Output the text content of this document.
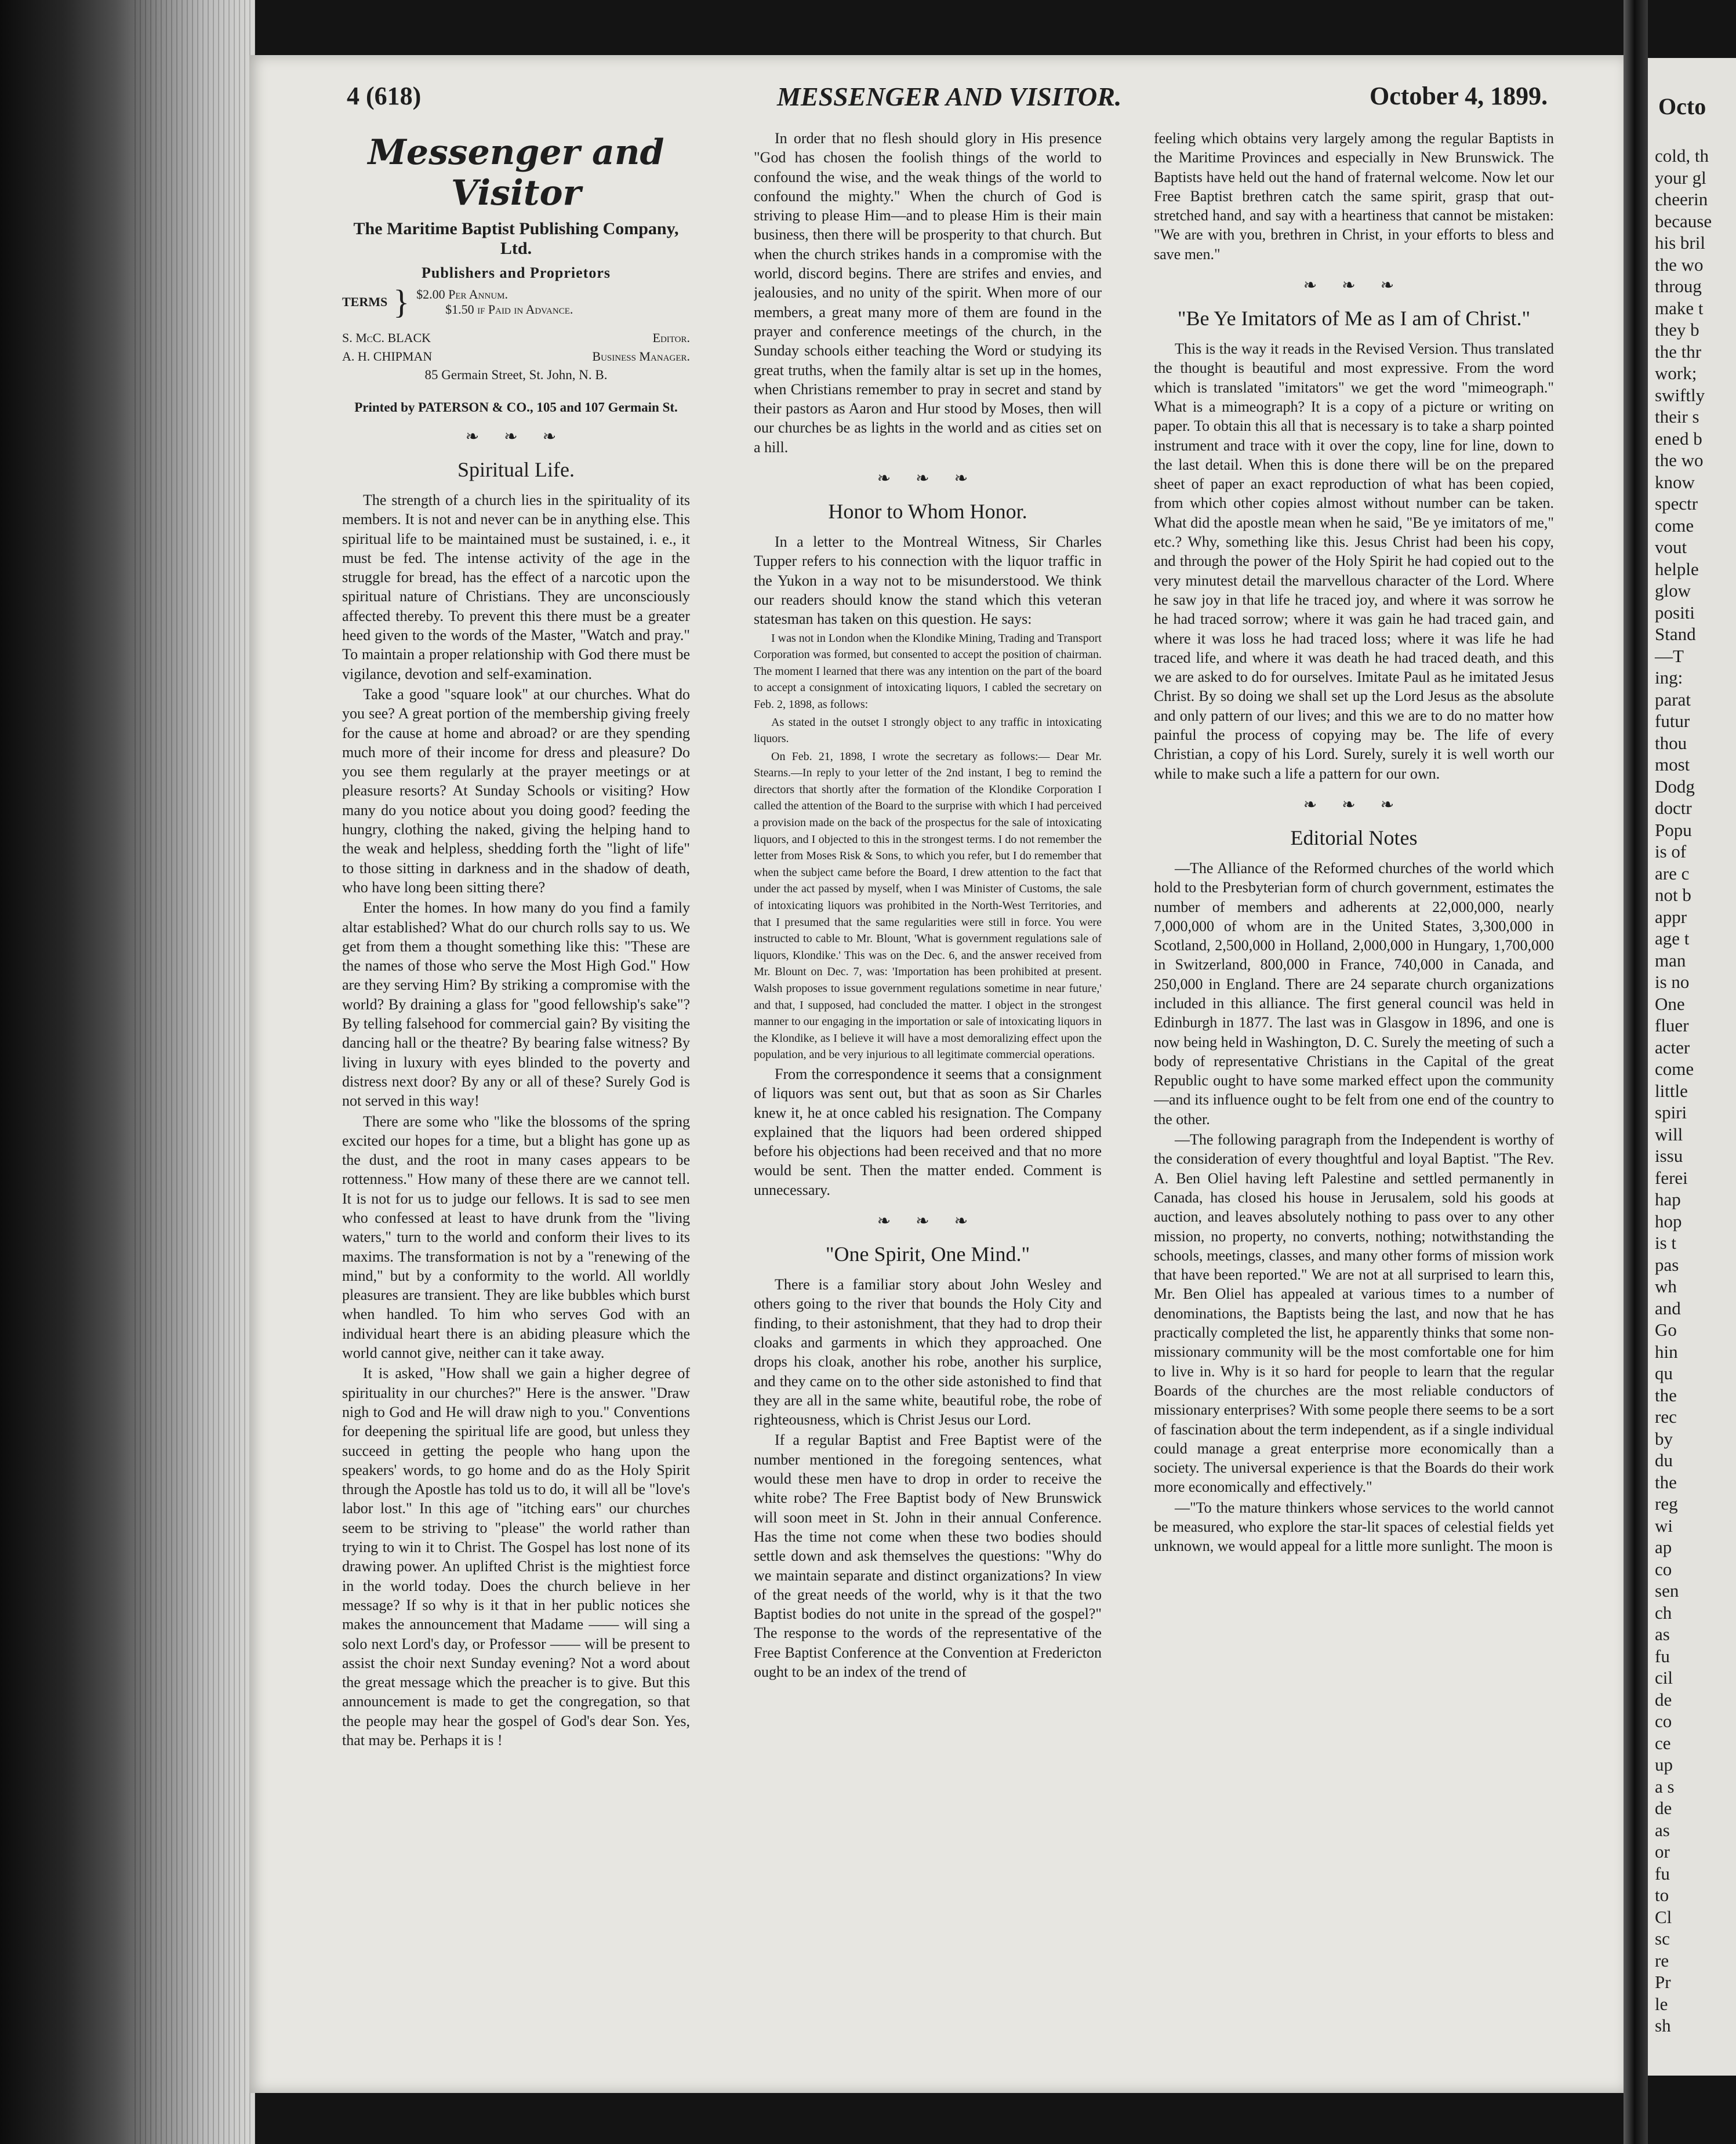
Octo
cold, th
your gl
cheerin
because
his bril
the wo
throug
make t
they b
the thr
work;
swiftly
their s
ened b
the wo
know
spectr
come
vout
helple
glow
positi
Stand
—T
ing:
parat
futur
thou
most
Dodg
doctr
Popu
is of
are c
not b
appr
age t
man
is no
One
fluer
acter
come
little
spiri
will
issu
ferei
hap
hop
is t
pas
wh
and
Go
hin
qu
the
rec
by
du
the
reg
wi
ap
co
sen
ch
as
fu
cil
de
co
ce
up
a s
de
as
or
fu
to
Cl
sc
re
Pr
le
sh
4 (618)	MESSENGER AND VISITOR.	October 4, 1899.
Messenger and Visitor
The Maritime Baptist Publishing Company, Ltd.
Publishers and Proprietors
TERMS } $2.00 Per Annum.
$1.50 if Paid in Advance.
S. McC. BLACK	Editor.
A. H. CHIPMAN	Business Manager.
85 Germain Street, St. John, N. B.
Printed by PATERSON & CO., 105 and 107 Germain St.
❧ ❧ ❧
Spiritual Life.

The strength of a church lies in the spirituality of its members. It is not and never can be in anything else. This spiritual life to be maintained must be sustained, i. e., it must be fed. The intense activity of the age in the struggle for bread, has the effect of a narcotic upon the spiritual nature of Christians. They are unconsciously affected thereby. To prevent this there must be a greater heed given to the words of the Master, "Watch and pray." To maintain a proper relationship with God there must be vigilance, devotion and self-examination.

Take a good "square look" at our churches. What do you see? A great portion of the membership giving freely for the cause at home and abroad? or are they spending much more of their income for dress and pleasure? Do you see them regularly at the prayer meetings or at pleasure resorts? At Sunday Schools or visiting? How many do you notice about you doing good? feeding the hungry, clothing the naked, giving the helping hand to the weak and helpless, shedding forth the "light of life" to those sitting in darkness and in the shadow of death, who have long been sitting there?

Enter the homes. In how many do you find a family altar established? What do our church rolls say to us. We get from them a thought something like this: "These are the names of those who serve the Most High God." How are they serving Him? By striking a compromise with the world? By draining a glass for "good fellowship's sake"? By telling falsehood for commercial gain? By visiting the dancing hall or the theatre? By bearing false witness? By living in luxury with eyes blinded to the poverty and distress next door? By any or all of these? Surely God is not served in this way!

There are some who "like the blossoms of the spring excited our hopes for a time, but a blight has gone up as the dust, and the root in many cases appears to be rottenness." How many of these there are we cannot tell. It is not for us to judge our fellows. It is sad to see men who confessed at least to have drunk from the "living waters," turn to the world and conform their lives to its maxims. The transformation is not by a "renewing of the mind," but by a conformity to the world. All worldly pleasures are transient. They are like bubbles which burst when handled. To him who serves God with an individual heart there is an abiding pleasure which the world cannot give, neither can it take away.

It is asked, "How shall we gain a higher degree of spirituality in our churches?" Here is the answer. "Draw nigh to God and He will draw nigh to you." Conventions for deepening the spiritual life are good, but unless they succeed in getting the people who hang upon the speakers' words, to go home and do as the Holy Spirit through the Apostle has told us to do, it will all be "love's labor lost." In this age of "itching ears" our churches seem to be striving to "please" the world rather than trying to win it to Christ. The Gospel has lost none of its drawing power. An uplifted Christ is the mightiest force in the world today. Does the church believe in her message? If so why is it that in her public notices she makes the announcement that Madame —— will sing a solo next Lord's day, or Professor —— will be present to assist the choir next Sunday evening? Not a word about the great message which the preacher is to give. But this announcement is made to get the congregation, so that the people may hear the gospel of God's dear Son. Yes, that may be. Perhaps it is !

In order that no flesh should glory in His presence "God has chosen the foolish things of the world to confound the wise, and the weak things of the world to confound the mighty." When the church of God is striving to please Him—and to please Him is their main business, then there will be prosperity to that church. But when the church strikes hands in a compromise with the world, discord begins. There are strifes and envies, and jealousies, and no unity of the spirit. When more of our members, a great many more of them are found in the prayer and conference meetings of the church, in the Sunday schools either teaching the Word or studying its great truths, when the family altar is set up in the homes, when Christians remember to pray in secret and stand by their pastors as Aaron and Hur stood by Moses, then will our churches be as lights in the world and as cities set on a hill.

❧ ❧ ❧
Honor to Whom Honor.

In a letter to the Montreal Witness, Sir Charles Tupper refers to his connection with the liquor traffic in the Yukon in a way not to be misunderstood. We think our readers should know the stand which this veteran statesman has taken on this question. He says:

I was not in London when the Klondike Mining, Trading and Transport Corporation was formed, but consented to accept the position of chairman. The moment I learned that there was any intention on the part of the board to accept a consignment of intoxicating liquors, I cabled the secretary on Feb. 2, 1898, as follows:

As stated in the outset I strongly object to any traffic in intoxicating liquors.

On Feb. 21, 1898, I wrote the secretary as follows:— Dear Mr. Stearns.—In reply to your letter of the 2nd instant, I beg to remind the directors that shortly after the formation of the Klondike Corporation I called the attention of the Board to the surprise with which I had perceived a provision made on the back of the prospectus for the sale of intoxicating liquors, and I objected to this in the strongest terms. I do not remember the letter from Moses Risk & Sons, to which you refer, but I do remember that when the subject came before the Board, I drew attention to the fact that under the act passed by myself, when I was Minister of Customs, the sale of intoxicating liquors was prohibited in the North-West Territories, and that I presumed that the same regularities were still in force. You were instructed to cable to Mr. Blount, 'What is government regulations sale of liquors, Klondike.' This was on the Dec. 6, and the answer received from Mr. Blount on Dec. 7, was: 'Importation has been prohibited at present. Walsh proposes to issue government regulations sometime in near future,' and that, I supposed, had concluded the matter. I object in the strongest manner to our engaging in the importation or sale of intoxicating liquors in the Klondike, as I believe it will have a most demoralizing effect upon the population, and be very injurious to all legitimate commercial operations.

From the correspondence it seems that a consignment of liquors was sent out, but that as soon as Sir Charles knew it, he at once cabled his resignation. The Company explained that the liquors had been ordered shipped before his objections had been received and that no more would be sent. Then the matter ended. Comment is unnecessary.

❧ ❧ ❧
"One Spirit, One Mind."

There is a familiar story about John Wesley and others going to the river that bounds the Holy City and finding, to their astonishment, that they had to drop their cloaks and garments in which they approached. One drops his cloak, another his robe, another his surplice, and they came on to the other side astonished to find that they are all in the same white, beautiful robe, the robe of righteousness, which is Christ Jesus our Lord.

If a regular Baptist and Free Baptist were of the number mentioned in the foregoing sentences, what would these men have to drop in order to receive the white robe? The Free Baptist body of New Brunswick will soon meet in St. John in their annual Conference. Has the time not come when these two bodies should settle down and ask themselves the questions: "Why do we maintain separate and distinct organizations? In view of the great needs of the world, why is it that the two Baptist bodies do not unite in the spread of the gospel?" The response to the words of the representative of the Free Baptist Conference at the Convention at Fredericton ought to be an index of the trend of

feeling which obtains very largely among the regular Baptists in the Maritime Provinces and especially in New Brunswick. The Baptists have held out the hand of fraternal welcome. Now let our Free Baptist brethren catch the same spirit, grasp that out-stretched hand, and say with a heartiness that cannot be mistaken: "We are with you, brethren in Christ, in your efforts to bless and save men."

❧ ❧ ❧
"Be Ye Imitators of Me as I am of Christ."

This is the way it reads in the Revised Version. Thus translated the thought is beautiful and most expressive. From the word which is translated "imitators" we get the word "mimeograph." What is a mimeograph? It is a copy of a picture or writing on paper. To obtain this all that is necessary is to take a sharp pointed instrument and trace with it over the copy, line for line, down to the last detail. When this is done there will be on the prepared sheet of paper an exact reproduction of what has been copied, from which other copies almost without number can be taken. What did the apostle mean when he said, "Be ye imitators of me," etc.? Why, something like this. Jesus Christ had been his copy, and through the power of the Holy Spirit he had copied out to the very minutest detail the marvellous character of the Lord. Where he saw joy in that life he traced joy, and where it was sorrow he he had traced sorrow; where it was gain he had traced gain, and where it was loss he had traced loss; where it was life he had traced life, and where it was death he had traced death, and this we are asked to do for ourselves. Imitate Paul as he imitated Jesus Christ. By so doing we shall set up the Lord Jesus as the absolute and only pattern of our lives; and this we are to do no matter how painful the process of copying may be. The life of every Christian, a copy of his Lord. Surely, surely it is well worth our while to make such a life a pattern for our own.

❧ ❧ ❧
Editorial Notes

—The Alliance of the Reformed churches of the world which hold to the Presbyterian form of church government, estimates the number of members and adherents at 22,000,000, nearly 7,000,000 of whom are in the United States, 3,300,000 in Scotland, 2,500,000 in Holland, 2,000,000 in Hungary, 1,700,000 in Switzerland, 800,000 in France, 740,000 in Canada, and 250,000 in England. There are 24 separate church organizations included in this alliance. The first general council was held in Edinburgh in 1877. The last was in Glasgow in 1896, and one is now being held in Washington, D. C. Surely the meeting of such a body of representative Christians in the Capital of the great Republic ought to have some marked effect upon the community—and its influence ought to be felt from one end of the country to the other.

—The following paragraph from the Independent is worthy of the consideration of every thoughtful and loyal Baptist. "The Rev. A. Ben Oliel having left Palestine and settled permanently in Canada, has closed his house in Jerusalem, sold his goods at auction, and leaves absolutely nothing to pass over to any other mission, no property, no converts, nothing; notwithstanding the schools, meetings, classes, and many other forms of mission work that have been reported." We are not at all surprised to learn this, Mr. Ben Oliel has appealed at various times to a number of denominations, the Baptists being the last, and now that he has practically completed the list, he apparently thinks that some non-missionary community will be the most comfortable one for him to live in. Why is it so hard for people to learn that the regular Boards of the churches are the most reliable conductors of missionary enterprises? With some people there seems to be a sort of fascination about the term independent, as if a single individual could manage a great enterprise more economically than a society. The universal experience is that the Boards do their work more economically and effectively."

—"To the mature thinkers whose services to the world cannot be measured, who explore the star-lit spaces of celestial fields yet unknown, we would appeal for a little more sunlight. The moon is
